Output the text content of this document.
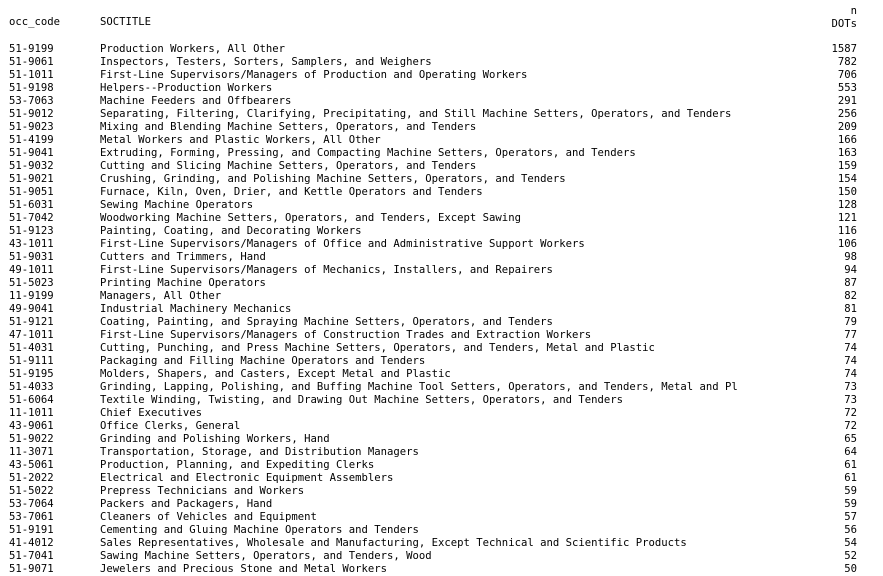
occ_code	SOCTITLE
n
DOTs
51-9199	Production Workers, All Other	1587
51-9061	Inspectors, Testers, Sorters, Samplers, and Weighers	782
51-1011	First-Line Supervisors/Managers of Production and Operating Workers	706
51-9198	Helpers--Production Workers	553
53-7063	Machine Feeders and Offbearers	291
51-9012	Separating, Filtering, Clarifying, Precipitating, and Still Machine Setters, Operators, and Tenders	256
51-9023	Mixing and Blending Machine Setters, Operators, and Tenders	209
51-4199	Metal Workers and Plastic Workers, All Other	166
51-9041	Extruding, Forming, Pressing, and Compacting Machine Setters, Operators, and Tenders	163
51-9032	Cutting and Slicing Machine Setters, Operators, and Tenders	159
51-9021	Crushing, Grinding, and Polishing Machine Setters, Operators, and Tenders	154
51-9051	Furnace, Kiln, Oven, Drier, and Kettle Operators and Tenders	150
51-6031	Sewing Machine Operators	128
51-7042	Woodworking Machine Setters, Operators, and Tenders, Except Sawing	121
51-9123	Painting, Coating, and Decorating Workers	116
43-1011	First-Line Supervisors/Managers of Office and Administrative Support Workers	106
51-9031	Cutters and Trimmers, Hand	98
49-1011	First-Line Supervisors/Managers of Mechanics, Installers, and Repairers	94
51-5023	Printing Machine Operators	87
11-9199	Managers, All Other	82
49-9041	Industrial Machinery Mechanics	81
51-9121	Coating, Painting, and Spraying Machine Setters, Operators, and Tenders	79
47-1011	First-Line Supervisors/Managers of Construction Trades and Extraction Workers	77
51-4031	Cutting, Punching, and Press Machine Setters, Operators, and Tenders, Metal and Plastic	74
51-9111	Packaging and Filling Machine Operators and Tenders	74
51-9195	Molders, Shapers, and Casters, Except Metal and Plastic	74
51-4033	Grinding, Lapping, Polishing, and Buffing Machine Tool Setters, Operators, and Tenders, Metal and Pl	73
51-6064	Textile Winding, Twisting, and Drawing Out Machine Setters, Operators, and Tenders	73
11-1011	Chief Executives	72
43-9061	Office Clerks, General	72
51-9022	Grinding and Polishing Workers, Hand	65
11-3071	Transportation, Storage, and Distribution Managers	64
43-5061	Production, Planning, and Expediting Clerks	61
51-2022	Electrical and Electronic Equipment Assemblers	61
51-5022	Prepress Technicians and Workers	59
53-7064	Packers and Packagers, Hand	59
53-7061	Cleaners of Vehicles and Equipment	57
51-9191	Cementing and Gluing Machine Operators and Tenders	56
41-4012	Sales Representatives, Wholesale and Manufacturing, Except Technical and Scientific Products	54
51-7041	Sawing Machine Setters, Operators, and Tenders, Wood	52
51-9071	Jewelers and Precious Stone and Metal Workers	50
